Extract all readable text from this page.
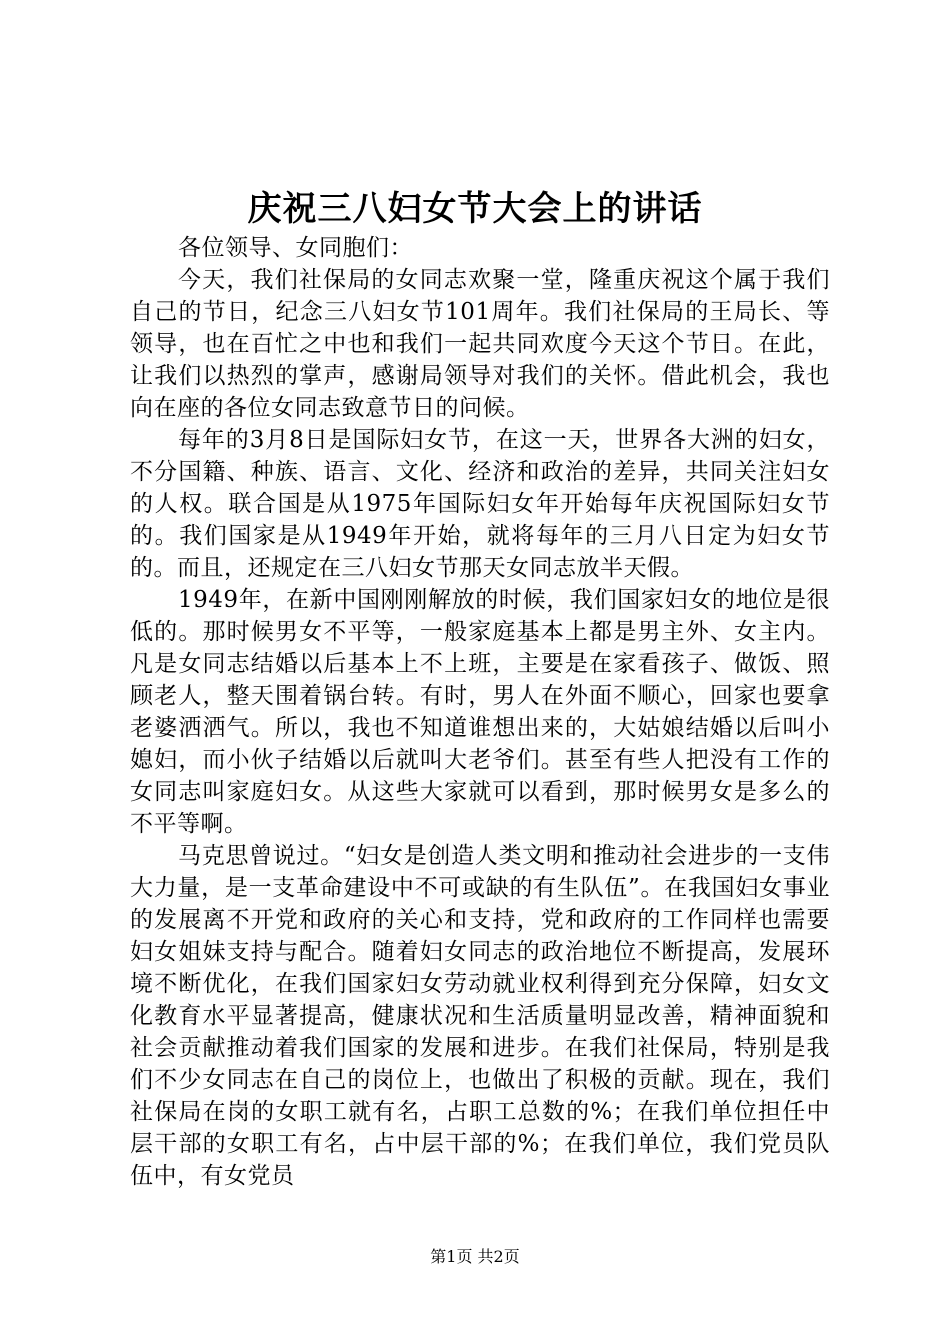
庆祝三八妇女节大会上的讲话

各位领导、女同胞们：

今天，我们社保局的女同志欢聚一堂，隆重庆祝这个属于我们自己的节日，纪念三八妇女节101周年。我们社保局的王局长、等领导，也在百忙之中也和我们一起共同欢度今天这个节日。在此，让我们以热烈的掌声，感谢局领导对我们的关怀。借此机会，我也向在座的各位女同志致意节日的问候。

每年的3月8日是国际妇女节，在这一天，世界各大洲的妇女，不分国籍、种族、语言、文化、经济和政治的差异，共同关注妇女的人权。联合国是从1975年国际妇女年开始每年庆祝国际妇女节的。我们国家是从1949年开始，就将每年的三月八日定为妇女节的。而且，还规定在三八妇女节那天女同志放半天假。

1949年，在新中国刚刚解放的时候，我们国家妇女的地位是很低的。那时候男女不平等，一般家庭基本上都是男主外、女主内。凡是女同志结婚以后基本上不上班，主要是在家看孩子、做饭、照顾老人，整天围着锅台转。有时，男人在外面不顺心，回家也要拿老婆洒洒气。所以，我也不知道谁想出来的，大姑娘结婚以后叫小媳妇，而小伙子结婚以后就叫大老爷们。甚至有些人把没有工作的女同志叫家庭妇女。从这些大家就可以看到，那时候男女是多么的不平等啊。

马克思曾说过。“妇女是创造人类文明和推动社会进步的一支伟大力量，是一支革命建设中不可或缺的有生队伍”。在我国妇女事业的发展离不开党和政府的关心和支持，党和政府的工作同样也需要妇女姐妹支持与配合。随着妇女同志的政治地位不断提高，发展环境不断优化，在我们国家妇女劳动就业权利得到充分保障，妇女文化教育水平显著提高，健康状况和生活质量明显改善，精神面貌和社会贡献推动着我们国家的发展和进步。在我们社保局，特别是我们不少女同志在自己的岗位上，也做出了积极的贡献。现在，我们社保局在岗的女职工就有名，占职工总数的%；在我们单位担任中层干部的女职工有名，占中层干部的%；在我们单位，我们党员队伍中，有女党员

第1页 共2页
